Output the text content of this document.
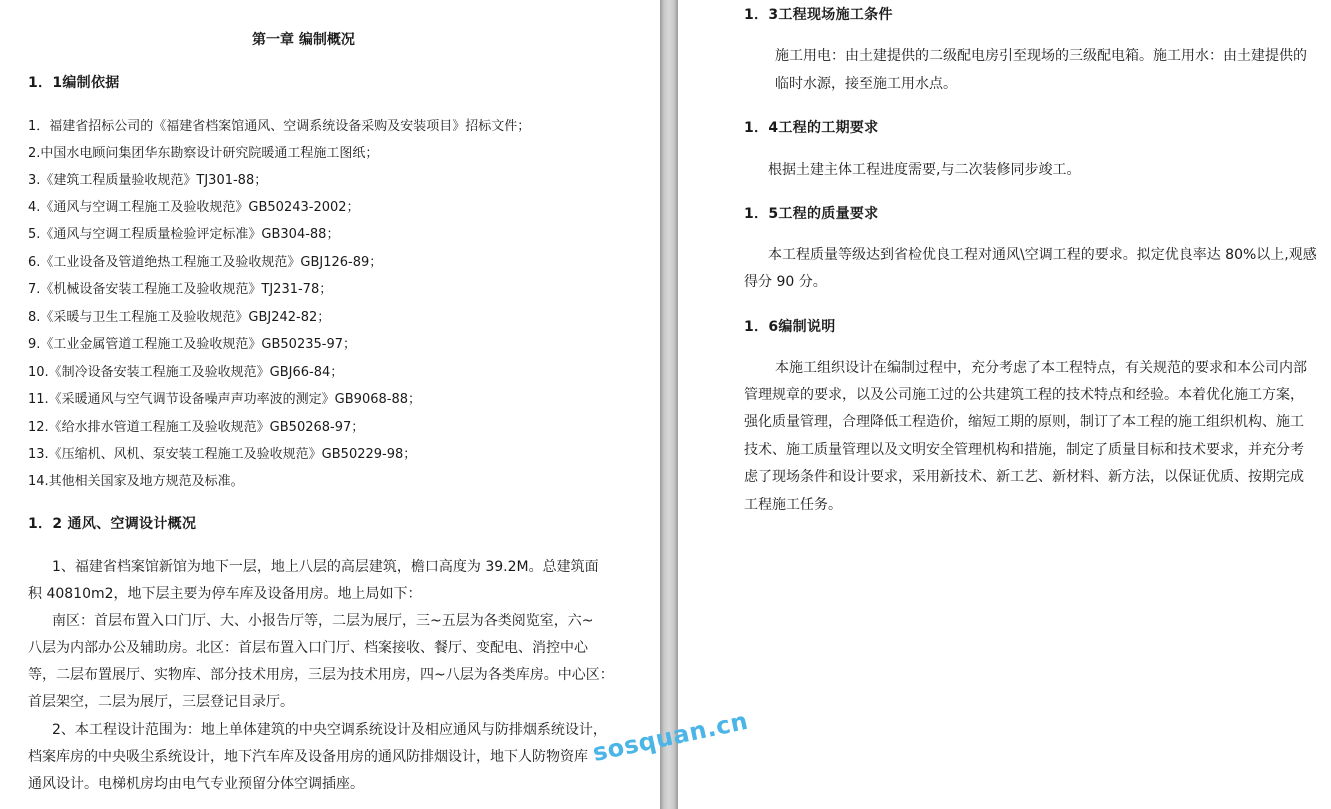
第一章 编制概况
1．1编制依据
1．福建省招标公司的《福建省档案馆通风、空调系统设备采购及安装项目》招标文件；
2.中国水电顾问集团华东勘察设计研究院暖通工程施工图纸；
3.《建筑工程质量验收规范》TJ301-88；
4.《通风与空调工程施工及验收规范》GB50243-2002；
5.《通风与空调工程质量检验评定标准》GB304-88；
6.《工业设备及管道绝热工程施工及验收规范》GBJ126-89；
7.《机械设备安装工程施工及验收规范》TJ231-78；
8.《采暖与卫生工程施工及验收规范》GBJ242-82；
9.《工业金属管道工程施工及验收规范》GB50235-97；
10.《制冷设备安装工程施工及验收规范》GBJ66-84；
11.《采暖通风与空气调节设备噪声声功率波的测定》GB9068-88；
12.《给水排水管道工程施工及验收规范》GB50268-97；
13.《压缩机、风机、泵安装工程施工及验收规范》GB50229-98；
14.其他相关国家及地方规范及标准。
1．2 通风、空调设计概况
1、福建省档案馆新馆为地下一层，地上八层的高层建筑，檐口高度为 39.2M。总建筑面
积 40810m2，地下层主要为停车库及设备用房。地上局如下：
南区：首层布置入口门厅、大、小报告厅等，二层为展厅，三~五层为各类阅览室，六~
八层为内部办公及辅助房。北区：首层布置入口门厅、档案接收、餐厅、变配电、消控中心
等，二层布置展厅、实物库、部分技术用房，三层为技术用房，四~八层为各类库房。中心区：
首层架空，二层为展厅，三层登记目录厅。
2、本工程设计范围为：地上单体建筑的中央空调系统设计及相应通风与防排烟系统设计，
档案库房的中央吸尘系统设计，地下汽车库及设备用房的通风防排烟设计，地下人防物资库
通风设计。电梯机房均由电气专业预留分体空调插座。
1．3工程现场施工条件
施工用电：由土建提供的二级配电房引至现场的三级配电箱。施工用水：由土建提供的
临时水源，接至施工用水点。
1．4工程的工期要求
根据土建主体工程进度需要,与二次装修同步竣工。
1．5工程的质量要求
本工程质量等级达到省检优良工程对通风\空调工程的要求。拟定优良率达 80%以上,观感
得分 90 分。
1．6编制说明
本施工组织设计在编制过程中，充分考虑了本工程特点，有关规范的要求和本公司内部
管理规章的要求，以及公司施工过的公共建筑工程的技术特点和经验。本着优化施工方案，
强化质量管理，合理降低工程造价，缩短工期的原则，制订了本工程的施工组织机构、施工
技术、施工质量管理以及文明安全管理机构和措施，制定了质量目标和技术要求，并充分考
虑了现场条件和设计要求，采用新技术、新工艺、新材料、新方法，以保证优质、按期完成
工程施工任务。
sosquan.cn
